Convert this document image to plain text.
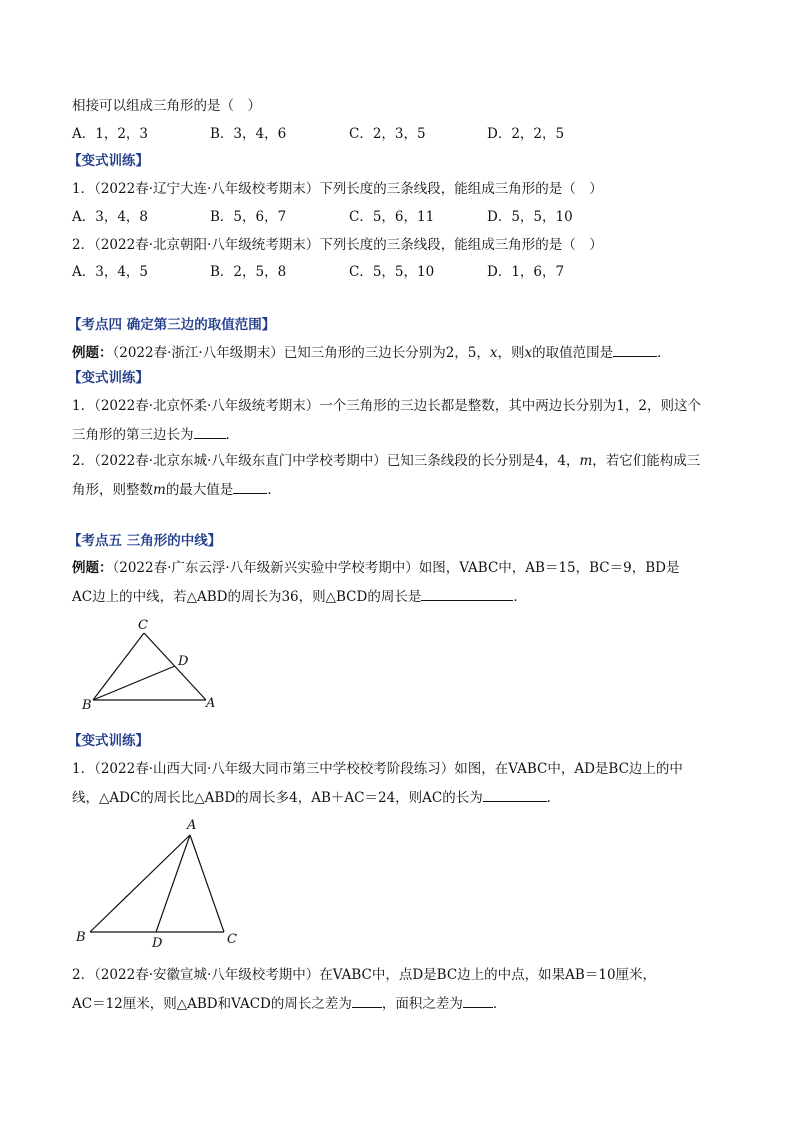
相接可以组成三角形的是（　）
A．1，2，3	B．3，4，6	C．2，3，5	D．2，2，5
【变式训练】
1．（2022春·辽宁大连·八年级校考期末）下列长度的三条线段，能组成三角形的是（　）
A．3，4，8	B．5，6，7	C．5，6，11	D．5，5，10
2．（2022春·北京朝阳·八年级统考期末）下列长度的三条线段，能组成三角形的是（　）
A．3，4，5	B．2，5，8	C．5，5，10	D．1，6，7
【考点四 确定第三边的取值范围】
例题：（2022春·浙江·八年级期末）已知三角形的三边长分别为2，5，x，则x的取值范围是	．
【变式训练】
1．（2022春·北京怀柔·八年级统考期末）一个三角形的三边长都是整数，其中两边长分别为1，2，则这个
三角形的第三边长为 ．
2．（2022春·北京东城·八年级东直门中学校考期中）已知三条线段的长分别是4，4，m，若它们能构成三
角形，则整数m的最大值是	．
【考点五 三角形的中线】
例题：（2022春·广东云浮·八年级新兴实验中学校考期中）如图，VABC中，AB＝15，BC＝9，BD是
AC边上的中线，若△ABD的周长为36，则△BCD的周长是	．
C
D
B	A
【变式训练】
1．（2022春·山西大同·八年级大同市第三中学校校考阶段练习）如图，在VABC中，AD是BC边上的中
线，△ADC的周长比△ABD的周长多4，AB＋AC＝24，则AC的长为	．
A
B	D	C
2．（2022春·安徽宣城·八年级校考期中）在VABC中，点D是BC边上的中点，如果AB＝10厘米，
AC＝12厘米，则△ABD和VACD的周长之差为 ，面积之差为 ．
